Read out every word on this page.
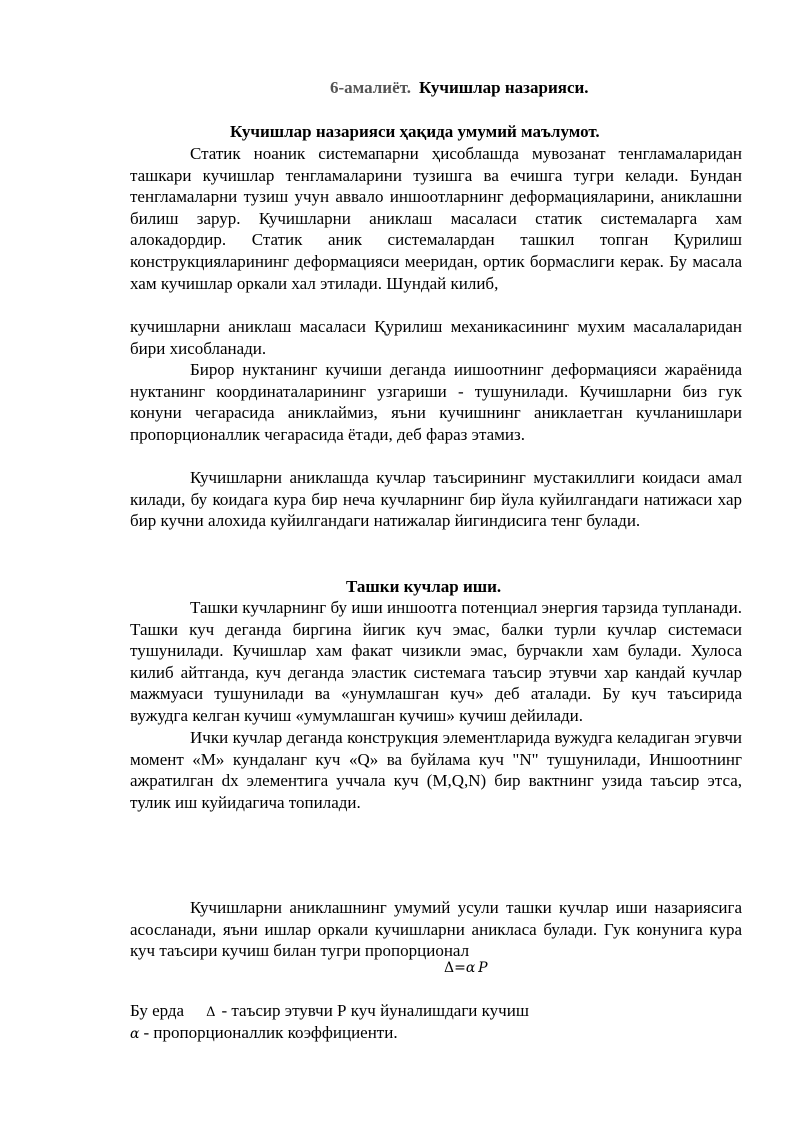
6-амалиёт. Кучишлар назарияси.
Кучишлар назарияси ҳақида умумий маълумот.

Статик ноаник системапарни ҳисоблашда мувозанат тенгламаларидан ташкари кучишлар тенгламаларини тузишга ва ечишга тугри келади. Бундан тенгламаларни тузиш учун аввало иншоотларнинг деформацияларини, аниклашни билиш зарур. Кучишларни аниклаш масаласи статик системаларга хам алокадордир. Статик аник системалардан ташкил топган Қурилиш конструкцияларининг деформацияси мееридан, ортик бормаслиги керак. Бу масала хам кучишлар оркали хал этилади. Шундай килиб,

кучишларни аниклаш масаласи Қурилиш механикасининг мухим масалаларидан бири хисобланади.

Бирор нуктанинг кучиши деганда иишоотнинг деформацияси жараёнида нуктанинг координаталарининг узгариши - тушунилади. Кучишларни биз гук конуни чегарасида аниклаймиз, яъни кучишнинг аниклаетган кучланишлари пропорционаллик чегарасида ётади, деб фараз этамиз.

Кучишларни аниклашда кучлар таъсирининг мустакиллиги коидаси амал килади, бу коидага кура бир неча кучларнинг бир йула куйилгандаги натижаси хар бир кучни алохида куйилгандаги натижалар йигиндисига тенг булади.

Ташки кучлар иши.

Ташки кучларнинг бу иши иншоотга потенциал энергия тарзида тупланади. Ташки куч деганда биргина йигик куч эмас, балки турли кучлар системаси тушунилади. Кучишлар хам факат чизикли эмас, бурчакли хам булади. Хулоса килиб айтганда, куч деганда эластик системага таъсир этувчи хар кандай кучлар мажмуаси тушунилади ва «унумлашган куч» деб аталади. Бу куч таъсирида вужудга келган кучиш «умумлашган кучиш» кучиш дейилади.

Ички кучлар деганда конструкция элементларида вужудга келадиган эгувчи момент «М» кундаланг куч «Q» ва буйлама куч "N" тушунилади, Иншоотнинг ажратилган dx элементига уччала куч (M,Q,N) бир вактнинг узида таъсир этса, тулик иш куйидагича топилади.

Кучишларни аниклашнинг умумий усули ташки кучлар иши назариясига асосланади, яъни ишлар оркали кучишларни аниклаcа булади. Гук конунига кура куч таъсири кучиш билан тугри пропорционал

Δ=α  P
Бу ерда Δ - таъсир этувчи Р куч йуналишдаги кучиш
α - пропорционаллик коэффициенти.
